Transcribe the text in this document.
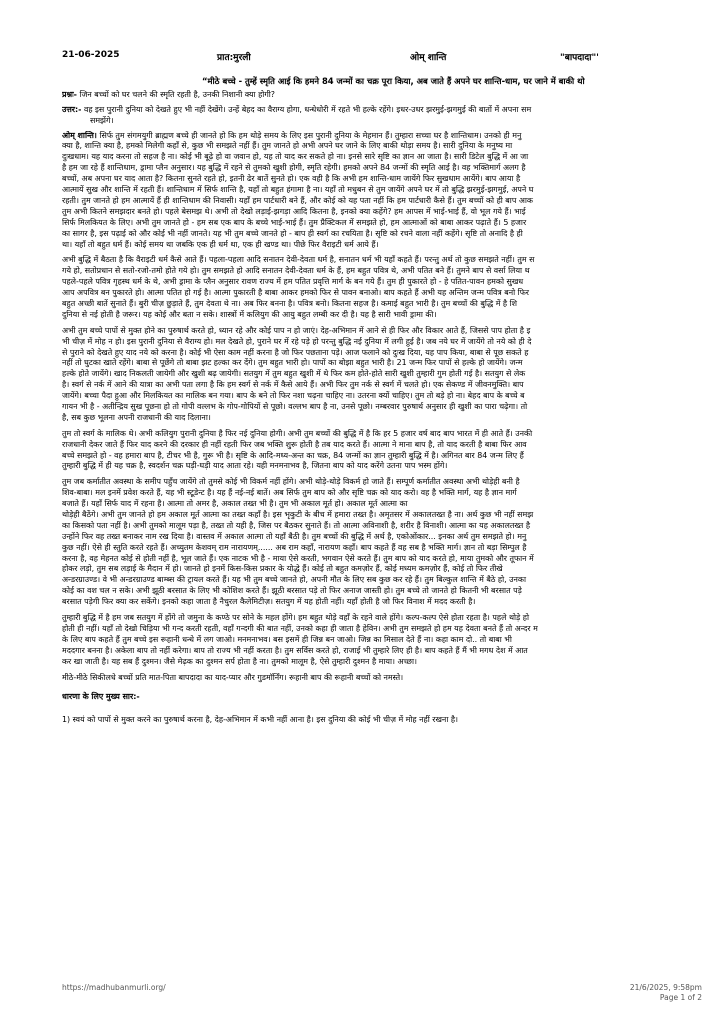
21-06-2025	प्रात:मुरली	ओम् शान्ति	"बापदादा"'
“मीठे बच्चे - तुम्हें स्मृति आई कि हमने 84 जन्मों का चक्र पूरा किया, अब जाते हैं अपने घर शान्ति-धाम, घर जाने में बाकी थो
प्रश्नः- जिन बच्चों को घर चलने की स्मृति रहती है, उनकी निशानी क्या होगी?
उत्तर:- वह इस पुरानी दुनिया को देखते हुए भी नहीं देखेंगे। उन्हें बेहद का वैराग्य होगा, धन्धेधोरी में रहते भी हल्के रहेंगे। इधर-उधर झरमुई-झगमुई की बातों में अपना सम
समझेंगे।
ओम् शान्ति। सिर्फ तुम संगमयुगी ब्राह्मण बच्चे ही जानते हो कि हम थोड़े समय के लिए इस पुरानी दुनिया के मेहमान हैं। तुम्हारा सच्चा घर है शान्तिधाम। उनको ही मनु
क्या है, शान्ति क्या है, हमको मिलेगी कहाँ से, कुछ भी समझते नहीं हैं। तुम जानते हो अभी अपने घर जाने के लिए बाकी थोड़ा समय है। सारी दुनिया के मनुष्य मा
दुःखधाम। यह याद करना तो सहज है ना। कोई भी बूढ़े हो वा जवान हो, यह तो याद कर सकते हो ना। इनसे सारे सृष्टि का ज्ञान आ जाता है। सारी डिटेल बुद्धि में आ जा
है हम जा रहे हैं शान्तिधाम, ड्रामा प्लैन अनुसार। यह बुद्धि में रहने से तुमको खुशी होगी, स्मृति रहेगी। हमको अपने 84 जन्मों की स्मृति आई है। वह भक्तिमार्ग अलग है
बच्चों, अब अपना घर याद आता है? कितना सुनते रहते हो, इतनी ढेर बातें सुनते हो। एक वही है कि अभी हम शान्ति-धाम जायेंगे फिर सुखधाम आयेंगे। बाप आया है
आत्मायें सुख और शान्ति में रहती हैं। शान्तिधाम में सिर्फ शान्ति है, यहाँ तो बहुत हंगामा है ना। यहाँ तो मधुबन से तुम जायेंगे अपने घर में तो बुद्धि झरमुई-झगमुई, अपने घ
रहती। तुम जानते हो हम आत्मायें हैं ही शान्तिधाम की निवासी। यहाँ हम पार्टधारी बने हैं, और कोई को यह पता नहीं कि हम पार्टधारी कैसे हैं। तुम बच्चों को ही बाप आक
तुम अभी कितने समझदार बनते हो। पहले बेसमझ थे। अभी तो देखो लड़ाई-झगड़ा आदि कितना है, इनको क्या कहेंगे? हम आपस में भाई-भाई हैं, वो भूल गये हैं। भाई
सिर्फ मिलकियत के लिए। अभी तुम जानते हो - हम सब एक बाप के बच्चे भाई-भाई हैं। तुम प्रैक्टिकल में समझते हो, हम आत्माओं को बाबा आकर पढ़ाते हैं। 5 हजार
का सागर है, इस पढ़ाई को और कोई भी नहीं जानते। यह भी तुम बच्चे जानते हो - बाप ही स्वर्ग का रचयिता है। सृष्टि को रचने वाला नहीं कहेंगे। सृष्टि तो अनादि है ही
था। यहाँ तो बहुत धर्म हैं। कोई समय था जबकि एक ही धर्म था, एक ही खण्ड था। पीछे फिर वैराइटी धर्म आये हैं।
अभी बुद्धि में बैठता है कि वैराइटी धर्म कैसे आते हैं। पहला-पहला आदि सनातन देवी-देवता धर्म है, सनातन धर्म भी यहाँ कहते हैं। परन्तु अर्थ तो कुछ समझते नहीं। तुम स
गये हो, सतोप्रधान से सतो-रजो-तमो होते गये हो। तुम समझते हो आदि सनातन देवी-देवता धर्म के हैं, हम बहुत पवित्र थे, अभी पतित बने हैं। तुमने बाप से वर्सा लिया थ
पहले-पहले पवित्र गृहस्थ धर्म के थे, अभी ड्रामा के प्लैन अनुसार रावण राज्य में हम पतित प्रवृत्ति मार्ग के बन गये हैं। तुम ही पुकारते हो - हे पतित-पावन हमको सुखध
आप अपवित्र बन पुकारते हो। आत्मा पतित हो गई है। आत्मा पुकारती है बाबा आकर हमको फिर से पावन बनाओ। बाप कहते हैं अभी यह अन्तिम जन्म पवित्र बनो फिर
बहुत अच्छी बातें सुनाते हैं। बुरी चीज़ छुड़ाते हैं, तुम देवता थे ना। अब फिर बनना है। पवित्र बनो। कितना सहज है। कमाई बहुत भारी है। तुम बच्चों की बुद्धि में है शि
दुनिया से नई होती है जरूर। यह कोई और बता न सके। शास्त्रों में कलियुग की आयु बहुत लम्बी कर दी है। यह है सारी भावी ड्रामा की।
अभी तुम बच्चे पापों से मुक्त होने का पुरुषार्थ करते हो, ध्यान रहे और कोई पाप न हो जाएं। देह-अभिमान में आने से ही फिर और विकार आते हैं, जिससे पाप होता है इ
भी चीज़ में मोह न हो। इस पुरानी दुनिया से वैराग्य हो। मल देखते हो, पुराने घर में रहे पड़े हो परन्तु बुद्धि नई दुनिया में लगी हुई है। जब नये घर में जायेंगे तो नये को ही दे
से पुराने को देखते हुए याद नये को करना है। कोई भी ऐसा काम नहीं करना है जो फिर पछताना पड़े। आज फलाने को दुःख दिया, यह पाप किया, बाबा से पूछ सकते ह
नहीं तो घुटका खाते रहेंगे। बाबा से पूछेंगे तो बाबा झट हल्का कर देंगे। तुम बहुत भारी हो। पापों का बोझा बहुत भारी है। 21 जन्म फिर पापों से हल्के हो जायेंगे। जन्म
हल्के होते जायेंगे। खाद निकलती जायेगी और खुशी बढ़ जायेगी। सतयुग में तुम बहुत खुशी में थे फिर कम होते-होते सारी खुशी तुम्हारी गुम होती गई है। सतयुग से लेक
है। स्वर्ग से नर्क में आने की यात्रा का अभी पता लगा है कि हम स्वर्ग से नर्क में कैसे आये हैं। अभी फिर तुम नर्क से स्वर्ग में चलते हो। एक सेकण्ड में जीवनमुक्ति। बाप
जायेंगे। बच्चा पैदा हुआ और मिलकियत का मालिक बन गया। बाप के बने तो फिर नशा चढ़ना चाहिए ना। उतरना क्यों चाहिए। तुम तो बड़े हो ना। बेहद बाप के बच्चे ब
गायन भी है - अतीन्द्रिय सुख पूछना हो तो गोपी वल्लभ के गोप-गोपियों से पूछो। वल्लभ बाप है ना, उनसे पूछो। नम्बरवार पुरुषार्थ अनुसार ही खुशी का पारा चढ़ेगा। तो
है, सब कुछ भूलना अपनी राजधानी की याद दिलाना।
तुम तो स्वर्ग के मालिक थे। अभी कलियुग पुरानी दुनिया है फिर नई दुनिया होगी। अभी तुम बच्चों की बुद्धि में है कि हर 5 हजार वर्ष बाद बाप भारत में ही आते हैं। उनकी
राजधानी देकर जाते हैं फिर याद करने की दरकार ही नहीं रहती फिर जब भक्ति शुरू होती है तब याद करते हैं। आत्मा ने माना बाप है, तो याद करती है बाबा फिर आव
बच्चे समझते हो - वह हमारा बाप है, टीचर भी है, गुरू भी है। सृष्टि के आदि-मध्य-अन्त का चक्र, 84 जन्मों का ज्ञान तुम्हारी बुद्धि में है। अगिनत बार 84 जन्म लिए हैं
तुम्हारी बुद्धि में ही यह चक्र है, स्वदर्शन चक्र घड़ी-घड़ी याद आता रहे। यही मनमनाभव है, जितना बाप को याद करेंगे उतना पाप भस्म होंगे।
तुम जब कर्मातीत अवस्था के समीप पहुँच जायेंगे तो तुमसे कोई भी विकर्म नहीं होंगे। अभी थोड़े-थोड़े विकर्म हो जाते हैं। सम्पूर्ण कर्मातीत अवस्था अभी थोड़ेही बनी है
शिव-बाबा। मल इनमें प्रवेश करते हैं, यह भी स्टूडेन्ट है। यह हैं नई-नई बातें। अब सिर्फ तुम बाप को और सृष्टि चक्र को याद करो। वह है भक्ति मार्ग, यह है ज्ञान मार्ग
बजाते हैं। यहाँ सिर्फ याद में रहना है। आत्मा तो अमर है, अकाल तख्त भी है। तुम भी अकाल मूर्त हो। अकाल मूर्त आत्मा का
थोड़ेही बैठेंगे। अभी तुम जानते हो हम अकाल मूर्त आत्मा का तख्त कहाँ है। इस भृकुटी के बीच में हमारा तख्त है। अमृतसर में अकालतख्त है ना। अर्थ कुछ भी नहीं समझ
का किसको पता नहीं है। अभी तुमको मालूम पड़ा है, तख्त तो यही है, जिस पर बैठकर सुनाते हैं। तो आत्मा अविनाशी है, शरीर है विनाशी। आत्मा का यह अकालतख्त है
उन्होंने फिर वह तख्त बनाकर नाम रख दिया है। वास्तव में अकाल आत्मा तो यहाँ बैठी है। तुम बच्चों की बुद्धि में अर्थ है, एकोओंकार... इनका अर्थ तुम समझते हो। मनु
कुछ नहीं। ऐसे ही स्तुति करते रहते हैं। अच्युतम केशवम् राम नारायणम्...... अब राम कहाँ, नारायण कहाँ। बाप कहते हैं वह सब है भक्ति मार्ग। ज्ञान तो बड़ा सिम्पुल है
करना है, वह मेहनत कोई से होती नहीं है, भूल जाते हैं। एक नाटक भी है - माया ऐसे करती, भगवान ऐसे करते हैं। तुम बाप को याद करते हो, माया तुमको और तूफान में
होकर लड़ो, तुम सब लड़ाई के मैदान में हो। जानते हो इनमें किस-किस प्रकार के योद्धे हैं। कोई तो बहुत कमज़ोर हैं, कोई मध्यम कमज़ोर हैं, कोई तो फिर तीखे
अन्डरग्राउण्ड। वे भी अन्डरग्राउण्ड बाम्ब्स की ट्रायल करते हैं। यह भी तुम बच्चे जानते हो, अपनी मौत के लिए सब कुछ कर रहे हैं। तुम बिल्कुल शान्ति में बैठे हो, उनका
कोई का वश चल न सके। अभी झूठी बरसात के लिए भी कोशिश करते हैं। झूठी बरसात पड़े तो फिर अनाज जास्ती हो। तुम बच्चे तो जानते हो कितनी भी बरसात पड़े
बरसात पड़ेगी फिर क्या कर सकेंगे। इनको कहा जाता है नैचुरल कैलेमिटीज़। सतयुग में यह होती नहीं। यहाँ होती है जो फिर विनाश में मदद करती है।
तुम्हारी बुद्धि में है हम जब सतयुग में होंगे तो जमुना के कण्ठे पर सोने के महल होंगे। हम बहुत थोड़े वहाँ के रहने वाले होंगे। कल्प-कल्प ऐसे होता रहता है। पहले थोड़े हो
होती ही नहीं। यहाँ तो देखो चिड़िया भी गन्द करती रहती, वहाँ गन्दगी की बात नहीं, उनको कहा ही जाता है हेविन। अभी तुम समझते हो हम यह देवता बनते हैं तो अन्दर म
के लिए बाप कहते हैं तुम बच्चे इस रूहानी धन्धे में लग जाओ। मनमनाभव। बस इसमें ही जिन्न बन जाओ। जिन्न का मिसाल देते हैं ना। कहा काम दो.. तो बाबा भी
मददगार बनना है। अकेला बाप तो नहीं करेगा। बाप तो राज्य भी नहीं करता है। तुम सर्विस करते हो, राजाई भी तुम्हारे लिए ही है। बाप कहते हैं मैं भी मगध देश में आत
कर खा जाती है। यह सब हैं दुश्मन। जैसे मेढ़क का दुश्मन सर्प होता है ना। तुमको मालूम है, ऐसे तुम्हारी दुश्मन है माया। अच्छा।
मीठे-मीठे सिकीलधे बच्चों प्रति मात-पिता बापदादा का याद-प्यार और गुडमॉर्निंग। रूहानी बाप की रूहानी बच्चों को नमस्ते।
धारणा के लिए मुख्य सार:-
1) स्वयं को पापों से मुक्त करने का पुरुषार्थ करना है, देह-अभिमान में कभी नहीं आना है। इस दुनिया की कोई भी चीज़ में मोह नहीं रखना है।
https://madhubanmurli.org/	21/6/2025, 9:58pm
Page 1 of 2
